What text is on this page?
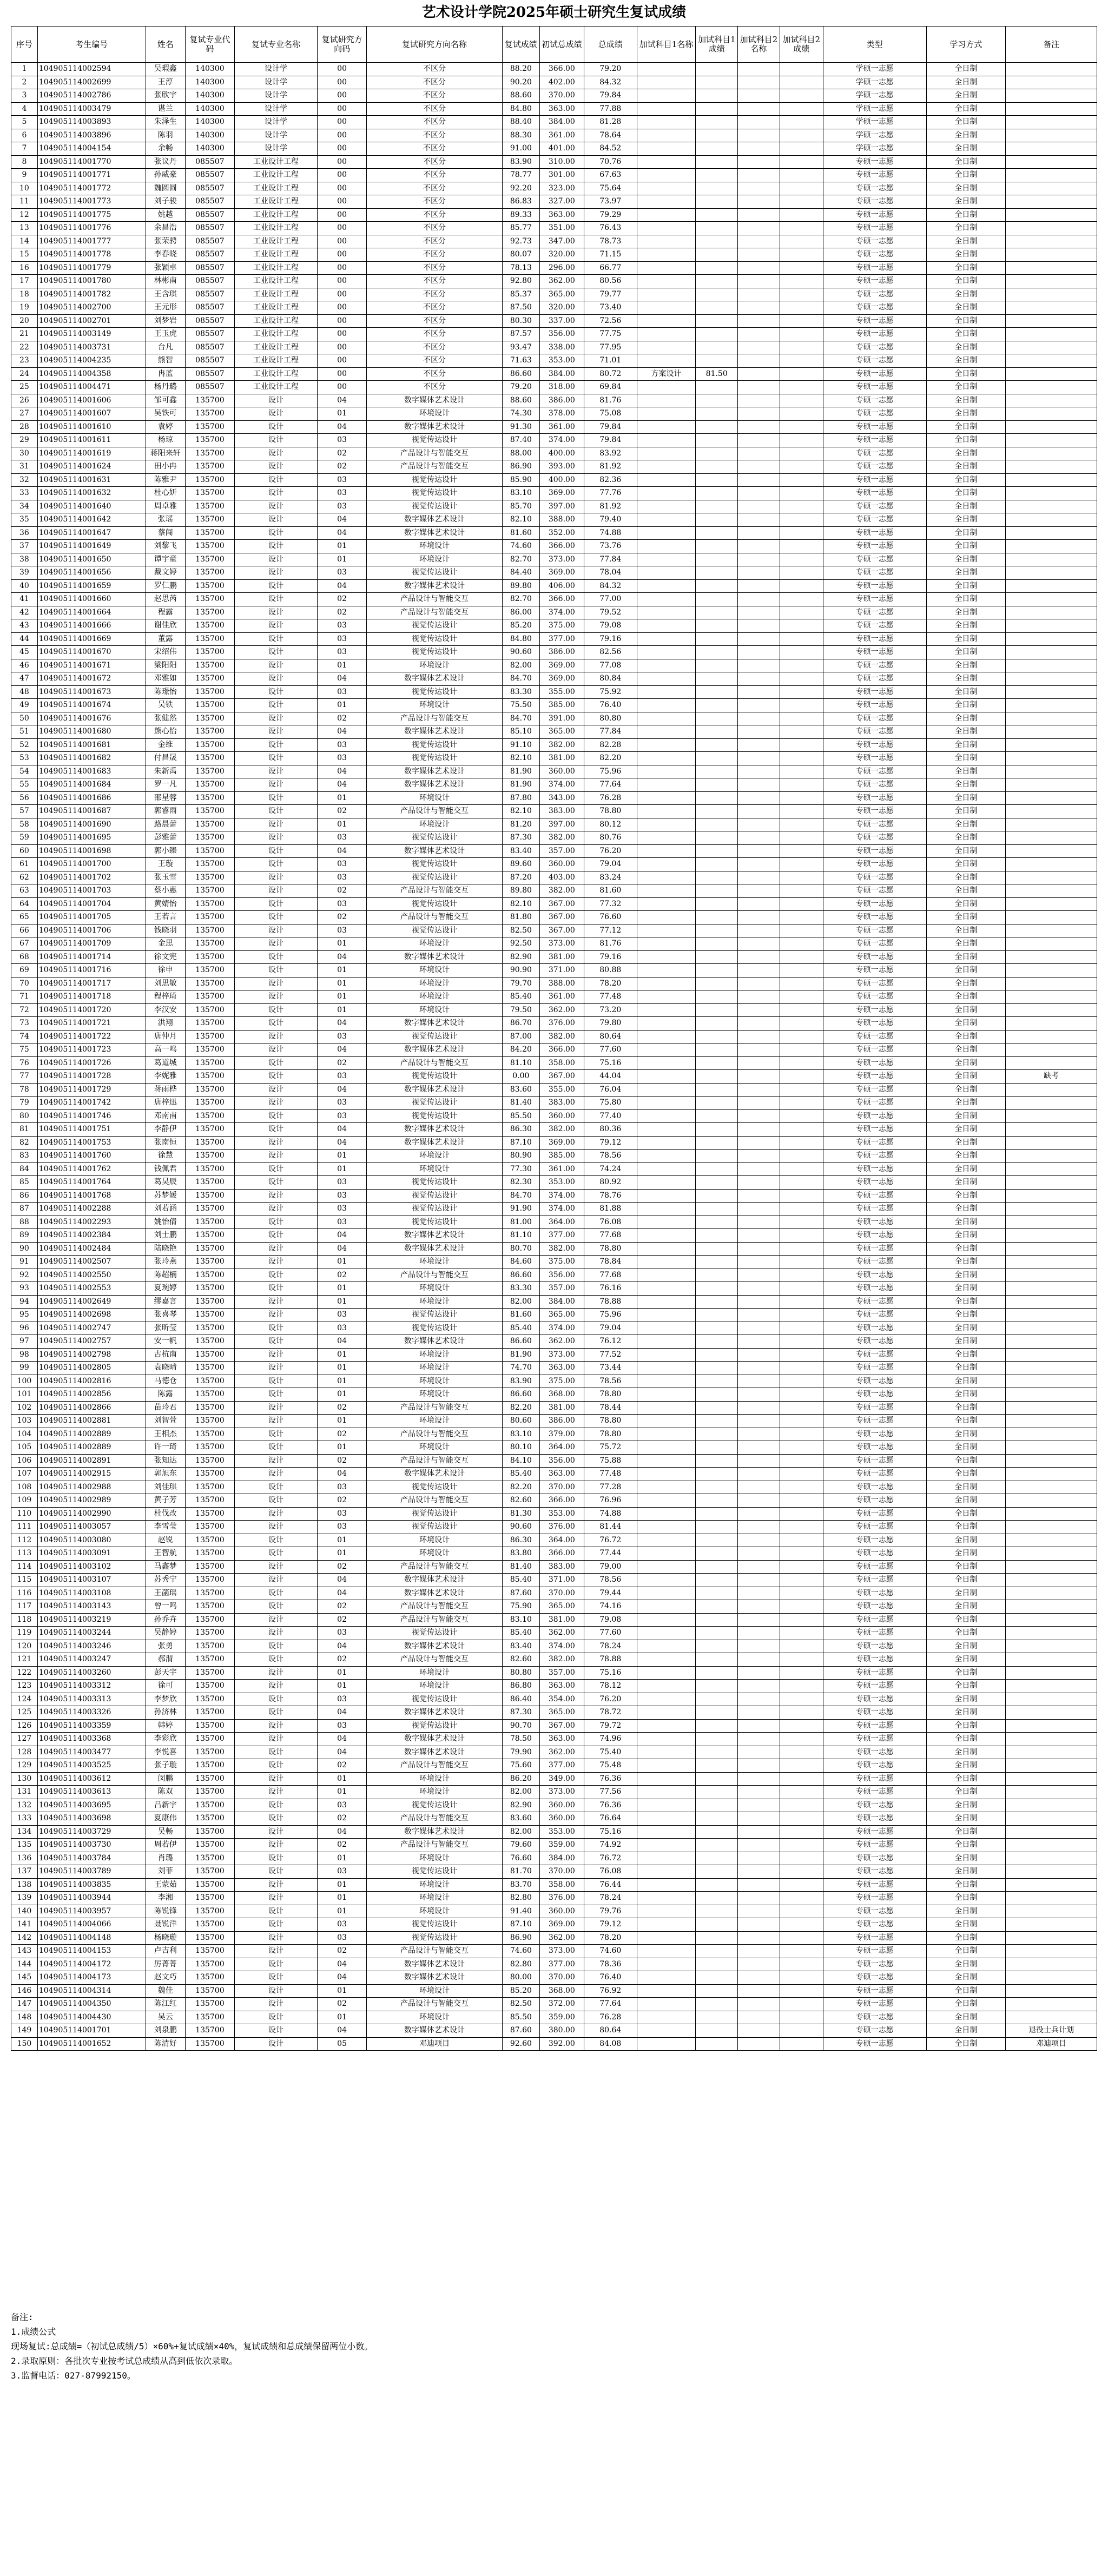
艺术设计学院2025年硕士研究生复试成绩
序号	考生编号	姓名	复试专业代码	复试专业名称	复试研究方向码	复试研究方向名称	复试成绩	初试总成绩	总成绩	加试科目1名称	加试科目1成绩	加试科目2名称	加试科目2成绩	类型	学习方式	备注
1	104905114002594	吴瑕鑫	140300	设计学	00	不区分	88.20	366.00	79.20					学硕一志愿	全日制	
2	104905114002699	王淳	140300	设计学	00	不区分	90.20	402.00	84.32					学硕一志愿	全日制	
3	104905114002786	张欣宇	140300	设计学	00	不区分	88.60	370.00	79.84					学硕一志愿	全日制	
4	104905114003479	谌兰	140300	设计学	00	不区分	84.80	363.00	77.88					学硕一志愿	全日制	
5	104905114003893	朱泽生	140300	设计学	00	不区分	88.40	384.00	81.28					学硕一志愿	全日制	
6	104905114003896	陈羽	140300	设计学	00	不区分	88.30	361.00	78.64					学硕一志愿	全日制	
7	104905114004154	余畅	140300	设计学	00	不区分	91.00	401.00	84.52					学硕一志愿	全日制	
8	104905114001770	张议丹	085507	工业设计工程	00	不区分	83.90	310.00	70.76					专硕一志愿	全日制	
9	104905114001771	孙威豪	085507	工业设计工程	00	不区分	78.77	301.00	67.63					专硕一志愿	全日制	
10	104905114001772	魏圆圆	085507	工业设计工程	00	不区分	92.20	323.00	75.64					专硕一志愿	全日制	
11	104905114001773	刘子骏	085507	工业设计工程	00	不区分	86.83	327.00	73.97					专硕一志愿	全日制	
12	104905114001775	姚越	085507	工业设计工程	00	不区分	89.33	363.00	79.29					专硕一志愿	全日制	
13	104905114001776	余昌浩	085507	工业设计工程	00	不区分	85.77	351.00	76.43					专硕一志愿	全日制	
14	104905114001777	张荣骋	085507	工业设计工程	00	不区分	92.73	347.00	78.73					专硕一志愿	全日制	
15	104905114001778	李春晓	085507	工业设计工程	00	不区分	80.07	320.00	71.15					专硕一志愿	全日制	
16	104905114001779	张颖卓	085507	工业设计工程	00	不区分	78.13	296.00	66.77					专硕一志愿	全日制	
17	104905114001780	林彬南	085507	工业设计工程	00	不区分	92.80	362.00	80.56					专硕一志愿	全日制	
18	104905114001782	王含琪	085507	工业设计工程	00	不区分	85.37	365.00	79.77					专硕一志愿	全日制	
19	104905114002700	王元形	085507	工业设计工程	00	不区分	87.50	320.00	73.40					专硕一志愿	全日制	
20	104905114002701	刘梦岩	085507	工业设计工程	00	不区分	80.30	337.00	72.56					专硕一志愿	全日制	
21	104905114003149	王玉虎	085507	工业设计工程	00	不区分	87.57	356.00	77.75					专硕一志愿	全日制	
22	104905114003731	台凡	085507	工业设计工程	00	不区分	93.47	338.00	77.95					专硕一志愿	全日制	
23	104905114004235	熊智	085507	工业设计工程	00	不区分	71.63	353.00	71.01					专硕一志愿	全日制	
24	104905114004358	冉蓝	085507	工业设计工程	00	不区分	86.60	384.00	80.72	方案设计	81.50			专硕一志愿	全日制	
25	104905114004471	杨丹璐	085507	工业设计工程	00	不区分	79.20	318.00	69.84					专硕一志愿	全日制	
26	104905114001606	邹可鑫	135700	设计	04	数字媒体艺术设计	88.60	386.00	81.76					专硕一志愿	全日制	
27	104905114001607	吴铁可	135700	设计	01	环境设计	74.30	378.00	75.08					专硕一志愿	全日制	
28	104905114001610	袁婷	135700	设计	04	数字媒体艺术设计	91.30	361.00	79.84					专硕一志愿	全日制	
29	104905114001611	杨琼	135700	设计	03	视觉传达设计	87.40	374.00	79.84					专硕一志愿	全日制	
30	104905114001619	蒋阳来轩	135700	设计	02	产品设计与智能交互	88.00	400.00	83.92					专硕一志愿	全日制	
31	104905114001624	田小冉	135700	设计	02	产品设计与智能交互	86.90	393.00	81.92					专硕一志愿	全日制	
32	104905114001631	陈雅尹	135700	设计	03	视觉传达设计	85.90	400.00	82.36					专硕一志愿	全日制	
33	104905114001632	杜心妍	135700	设计	03	视觉传达设计	83.10	369.00	77.76					专硕一志愿	全日制	
34	104905114001640	周卓雅	135700	设计	03	视觉传达设计	85.70	397.00	81.92					专硕一志愿	全日制	
35	104905114001642	张瑶	135700	设计	04	数字媒体艺术设计	82.10	388.00	79.40					专硕一志愿	全日制	
36	104905114001647	蔡闯	135700	设计	04	数字媒体艺术设计	81.60	352.00	74.88					专硕一志愿	全日制	
37	104905114001649	刘黎飞	135700	设计	01	环境设计	74.60	366.00	73.76					专硕一志愿	全日制	
38	104905114001650	谭宇童	135700	设计	01	环境设计	82.70	373.00	77.84					专硕一志愿	全日制	
39	104905114001656	戴文婷	135700	设计	03	视觉传达设计	84.40	369.00	78.04					专硕一志愿	全日制	
40	104905114001659	罗仁鹏	135700	设计	04	数字媒体艺术设计	89.80	406.00	84.32					专硕一志愿	全日制	
41	104905114001660	赵思芮	135700	设计	02	产品设计与智能交互	82.70	366.00	77.00					专硕一志愿	全日制	
42	104905114001664	程露	135700	设计	02	产品设计与智能交互	86.00	374.00	79.52					专硕一志愿	全日制	
43	104905114001666	谢佳欣	135700	设计	03	视觉传达设计	85.20	375.00	79.08					专硕一志愿	全日制	
44	104905114001669	董露	135700	设计	03	视觉传达设计	84.80	377.00	79.16					专硕一志愿	全日制	
45	104905114001670	宋绍伟	135700	设计	03	视觉传达设计	90.60	386.00	82.56					专硕一志愿	全日制	
46	104905114001671	梁阳阳	135700	设计	01	环境设计	82.00	369.00	77.08					专硕一志愿	全日制	
47	104905114001672	邓雅如	135700	设计	04	数字媒体艺术设计	84.70	369.00	80.84					专硕一志愿	全日制	
48	104905114001673	陈璟怡	135700	设计	03	视觉传达设计	83.30	355.00	75.92					专硕一志愿	全日制	
49	104905114001674	吴铁	135700	设计	01	环境设计	75.50	385.00	76.40					专硕一志愿	全日制	
50	104905114001676	张健然	135700	设计	02	产品设计与智能交互	84.70	391.00	80.80					专硕一志愿	全日制	
51	104905114001680	熊心怡	135700	设计	04	数字媒体艺术设计	85.10	365.00	77.84					专硕一志愿	全日制	
52	104905114001681	金维	135700	设计	03	视觉传达设计	91.10	382.00	82.28					专硕一志愿	全日制	
53	104905114001682	付昌晟	135700	设计	03	视觉传达设计	82.10	381.00	82.20					专硕一志愿	全日制	
54	104905114001683	朱新禹	135700	设计	04	数字媒体艺术设计	81.90	360.00	75.96					专硕一志愿	全日制	
55	104905114001684	罗一凡	135700	设计	04	数字媒体艺术设计	81.90	374.00	77.64					专硕一志愿	全日制	
56	104905114001686	邵星蓉	135700	设计	01	环境设计	87.80	343.00	76.28					专硕一志愿	全日制	
57	104905114001687	郭睿雨	135700	设计	02	产品设计与智能交互	82.10	383.00	78.80					专硕一志愿	全日制	
58	104905114001690	路晨蕾	135700	设计	01	环境设计	81.20	397.00	80.12					专硕一志愿	全日制	
59	104905114001695	彭雅蕾	135700	设计	03	视觉传达设计	87.30	382.00	80.76					专硕一志愿	全日制	
60	104905114001698	郭小臻	135700	设计	04	数字媒体艺术设计	83.40	357.00	76.20					专硕一志愿	全日制	
61	104905114001700	王璇	135700	设计	03	视觉传达设计	89.60	360.00	79.04					专硕一志愿	全日制	
62	104905114001702	张玉雪	135700	设计	03	视觉传达设计	87.20	403.00	83.24					专硕一志愿	全日制	
63	104905114001703	蔡小惠	135700	设计	02	产品设计与智能交互	89.80	382.00	81.60					专硕一志愿	全日制	
64	104905114001704	黄婧怡	135700	设计	03	视觉传达设计	82.10	367.00	77.32					专硕一志愿	全日制	
65	104905114001705	王若言	135700	设计	02	产品设计与智能交互	81.80	367.00	76.60					专硕一志愿	全日制	
66	104905114001706	钱晓羽	135700	设计	03	视觉传达设计	82.50	367.00	77.12					专硕一志愿	全日制	
67	104905114001709	金思	135700	设计	01	环境设计	92.50	373.00	81.76					专硕一志愿	全日制	
68	104905114001714	徐文宪	135700	设计	04	数字媒体艺术设计	82.90	381.00	79.16					专硕一志愿	全日制	
69	104905114001716	徐申	135700	设计	01	环境设计	90.90	371.00	80.88					专硕一志愿	全日制	
70	104905114001717	刘思敏	135700	设计	01	环境设计	79.70	388.00	78.20					专硕一志愿	全日制	
71	104905114001718	程梓琦	135700	设计	01	环境设计	85.40	361.00	77.48					专硕一志愿	全日制	
72	104905114001720	李汉安	135700	设计	01	环境设计	79.50	362.00	73.20					专硕一志愿	全日制	
73	104905114001721	洪翔	135700	设计	04	数字媒体艺术设计	86.70	376.00	79.80					专硕一志愿	全日制	
74	104905114001722	唐仲月	135700	设计	03	视觉传达设计	87.00	382.00	80.64					专硕一志愿	全日制	
75	104905114001723	高一鸣	135700	设计	04	数字媒体艺术设计	84.20	366.00	77.60					专硕一志愿	全日制	
76	104905114001726	葛道城	135700	设计	02	产品设计与智能交互	81.10	358.00	75.16					专硕一志愿	全日制	
77	104905114001728	李妮雅	135700	设计	03	视觉传达设计	0.00	367.00	44.04					专硕一志愿	全日制	缺考
78	104905114001729	蒋雨桦	135700	设计	04	数字媒体艺术设计	83.60	355.00	76.04					专硕一志愿	全日制	
79	104905114001742	唐梓迅	135700	设计	03	视觉传达设计	81.40	383.00	75.80					专硕一志愿	全日制	
80	104905114001746	邓南南	135700	设计	03	视觉传达设计	85.50	360.00	77.40					专硕一志愿	全日制	
81	104905114001751	李静伊	135700	设计	04	数字媒体艺术设计	86.30	382.00	80.36					专硕一志愿	全日制	
82	104905114001753	张南恒	135700	设计	04	数字媒体艺术设计	87.10	369.00	79.12					专硕一志愿	全日制	
83	104905114001760	徐慧	135700	设计	01	环境设计	80.90	385.00	78.56					专硕一志愿	全日制	
84	104905114001762	钱佩君	135700	设计	01	环境设计	77.30	361.00	74.24					专硕一志愿	全日制	
85	104905114001764	葛昊辰	135700	设计	03	视觉传达设计	82.30	353.00	80.92					专硕一志愿	全日制	
86	104905114001768	苏梦媛	135700	设计	03	视觉传达设计	84.70	374.00	78.76					专硕一志愿	全日制	
87	104905114002288	刘若涵	135700	设计	03	视觉传达设计	91.90	374.00	81.88					专硕一志愿	全日制	
88	104905114002293	姚怡倩	135700	设计	03	视觉传达设计	81.00	364.00	76.08					专硕一志愿	全日制	
89	104905114002384	刘士鹏	135700	设计	04	数字媒体艺术设计	81.10	377.00	77.68					专硕一志愿	全日制	
90	104905114002484	陆晓艳	135700	设计	04	数字媒体艺术设计	80.70	382.00	78.80					专硕一志愿	全日制	
91	104905114002507	张玲燕	135700	设计	01	环境设计	84.60	375.00	78.84					专硕一志愿	全日制	
92	104905114002550	陈超楠	135700	设计	02	产品设计与智能交互	86.60	356.00	77.68					专硕一志愿	全日制	
93	104905114002553	夏琬婷	135700	设计	01	环境设计	83.30	357.00	76.16					专硕一志愿	全日制	
94	104905114002649	缪嘉言	135700	设计	01	环境设计	82.00	384.00	78.88					专硕一志愿	全日制	
95	104905114002698	张喜琴	135700	设计	03	视觉传达设计	81.60	365.00	75.96					专硕一志愿	全日制	
96	104905114002747	张昕莹	135700	设计	03	视觉传达设计	85.40	374.00	79.04					专硕一志愿	全日制	
97	104905114002757	安一帆	135700	设计	04	数字媒体艺术设计	86.60	362.00	76.12					专硕一志愿	全日制	
98	104905114002798	古杭南	135700	设计	01	环境设计	81.90	373.00	77.52					专硕一志愿	全日制	
99	104905114002805	袁晓晴	135700	设计	01	环境设计	74.70	363.00	73.44					专硕一志愿	全日制	
100	104905114002816	马德仓	135700	设计	01	环境设计	83.90	375.00	78.56					专硕一志愿	全日制	
101	104905114002856	陈露	135700	设计	01	环境设计	86.60	368.00	78.80					专硕一志愿	全日制	
102	104905114002866	苗玲君	135700	设计	02	产品设计与智能交互	82.20	381.00	78.44					专硕一志愿	全日制	
103	104905114002881	刘智萱	135700	设计	01	环境设计	80.60	386.00	78.80					专硕一志愿	全日制	
104	104905114002889	王相杰	135700	设计	02	产品设计与智能交互	83.10	379.00	78.80					专硕一志愿	全日制	
105	104905114002889	许一琦	135700	设计	01	环境设计	80.10	364.00	75.72					专硕一志愿	全日制	
106	104905114002891	张知达	135700	设计	02	产品设计与智能交互	84.10	356.00	75.88					专硕一志愿	全日制	
107	104905114002915	郭旭东	135700	设计	04	数字媒体艺术设计	85.40	363.00	77.48					专硕一志愿	全日制	
108	104905114002988	刘佳琪	135700	设计	03	视觉传达设计	82.20	370.00	77.28					专硕一志愿	全日制	
109	104905114002989	黄子芳	135700	设计	02	产品设计与智能交互	82.60	366.00	76.96					专硕一志愿	全日制	
110	104905114002990	杜伐改	135700	设计	03	视觉传达设计	81.30	353.00	74.88					专硕一志愿	全日制	
111	104905114003057	李雪莹	135700	设计	03	视觉传达设计	90.60	376.00	81.44					专硕一志愿	全日制	
112	104905114003080	赵锐	135700	设计	01	环境设计	86.30	364.00	76.72					专硕一志愿	全日制	
113	104905114003091	王智航	135700	设计	01	环境设计	83.80	366.00	77.44					专硕一志愿	全日制	
114	104905114003102	马鑫梦	135700	设计	02	产品设计与智能交互	81.40	383.00	79.00					专硕一志愿	全日制	
115	104905114003107	苏秀宁	135700	设计	04	数字媒体艺术设计	85.40	371.00	78.56					专硕一志愿	全日制	
116	104905114003108	王菡瑶	135700	设计	04	数字媒体艺术设计	87.60	370.00	79.44					专硕一志愿	全日制	
117	104905114003143	曾一鸣	135700	设计	02	产品设计与智能交互	75.90	365.00	74.16					专硕一志愿	全日制	
118	104905114003219	孙乔卉	135700	设计	02	产品设计与智能交互	83.10	381.00	79.08					专硕一志愿	全日制	
119	104905114003244	吴静婷	135700	设计	03	视觉传达设计	85.40	362.00	77.60					专硕一志愿	全日制	
120	104905114003246	张勇	135700	设计	04	数字媒体艺术设计	83.40	374.00	78.24					专硕一志愿	全日制	
121	104905114003247	郝渭	135700	设计	02	产品设计与智能交互	82.60	382.00	78.88					专硕一志愿	全日制	
122	104905114003260	彭天宇	135700	设计	01	环境设计	80.80	357.00	75.16					专硕一志愿	全日制	
123	104905114003312	徐可	135700	设计	01	环境设计	86.80	363.00	78.12					专硕一志愿	全日制	
124	104905114003313	李梦欣	135700	设计	03	视觉传达设计	86.40	354.00	76.20					专硕一志愿	全日制	
125	104905114003326	孙济林	135700	设计	04	数字媒体艺术设计	87.30	365.00	78.72					专硕一志愿	全日制	
126	104905114003359	韩婷	135700	设计	03	视觉传达设计	90.70	367.00	79.72					专硕一志愿	全日制	
127	104905114003368	李彩欣	135700	设计	04	数字媒体艺术设计	78.50	363.00	74.96					专硕一志愿	全日制	
128	104905114003477	李悦喜	135700	设计	04	数字媒体艺术设计	79.90	362.00	75.40					专硕一志愿	全日制	
129	104905114003525	张子璇	135700	设计	02	产品设计与智能交互	75.60	377.00	75.48					专硕一志愿	全日制	
130	104905114003612	闵鹏	135700	设计	01	环境设计	86.20	349.00	76.36					专硕一志愿	全日制	
131	104905114003613	陈双	135700	设计	01	环境设计	82.00	373.00	77.56					专硕一志愿	全日制	
132	104905114003695	吕新宇	135700	设计	03	视觉传达设计	82.90	360.00	76.36					专硕一志愿	全日制	
133	104905114003698	夏康伟	135700	设计	02	产品设计与智能交互	83.60	360.00	76.64					专硕一志愿	全日制	
134	104905114003729	吴畅	135700	设计	04	数字媒体艺术设计	82.00	353.00	75.16					专硕一志愿	全日制	
135	104905114003730	周若伊	135700	设计	02	产品设计与智能交互	79.60	359.00	74.92					专硕一志愿	全日制	
136	104905114003784	肖璐	135700	设计	01	环境设计	76.60	384.00	76.72					专硕一志愿	全日制	
137	104905114003789	刘菲	135700	设计	03	视觉传达设计	81.70	370.00	76.08					专硕一志愿	全日制	
138	104905114003835	王蒙茹	135700	设计	01	环境设计	83.70	358.00	76.44					专硕一志愿	全日制	
139	104905114003944	李湘	135700	设计	01	环境设计	82.80	376.00	78.24					专硕一志愿	全日制	
140	104905114003957	陈锐锋	135700	设计	01	环境设计	91.40	360.00	79.76					专硕一志愿	全日制	
141	104905114004066	聂锐洋	135700	设计	03	视觉传达设计	87.10	369.00	79.12					专硕一志愿	全日制	
142	104905114004148	杨晓璇	135700	设计	03	视觉传达设计	86.90	362.00	78.20					专硕一志愿	全日制	
143	104905114004153	卢吉利	135700	设计	02	产品设计与智能交互	74.60	373.00	74.60					专硕一志愿	全日制	
144	104905114004172	厉菁菁	135700	设计	04	数字媒体艺术设计	82.80	377.00	78.36					专硕一志愿	全日制	
145	104905114004173	赵文巧	135700	设计	04	数字媒体艺术设计	80.00	370.00	76.40					专硕一志愿	全日制	
146	104905114004314	魏佳	135700	设计	01	环境设计	85.20	368.00	76.92					专硕一志愿	全日制	
147	104905114004350	陈江红	135700	设计	02	产品设计与智能交互	82.50	372.00	77.64					专硕一志愿	全日制	
148	104905114004430	吴云	135700	设计	01	环境设计	85.50	359.00	76.28					专硕一志愿	全日制	
149	104905114001701	刘泉鹏	135700	设计	04	数字媒体艺术设计	87.60	380.00	80.64					专硕一志愿	全日制	退役士兵计划
150	104905114001652	陈清好	135700	设计	05	邓迪项目	92.60	392.00	84.08					专硕一志愿	全日制	邓迪项目
备注:
1.成绩公式
现场复试:总成绩=（初试总成绩/5）×60%+复试成绩×40%，复试成绩和总成绩保留两位小数。
2.录取原则：各批次专业按考试总成绩从高到低依次录取。
3.监督电话：027-87992150。
